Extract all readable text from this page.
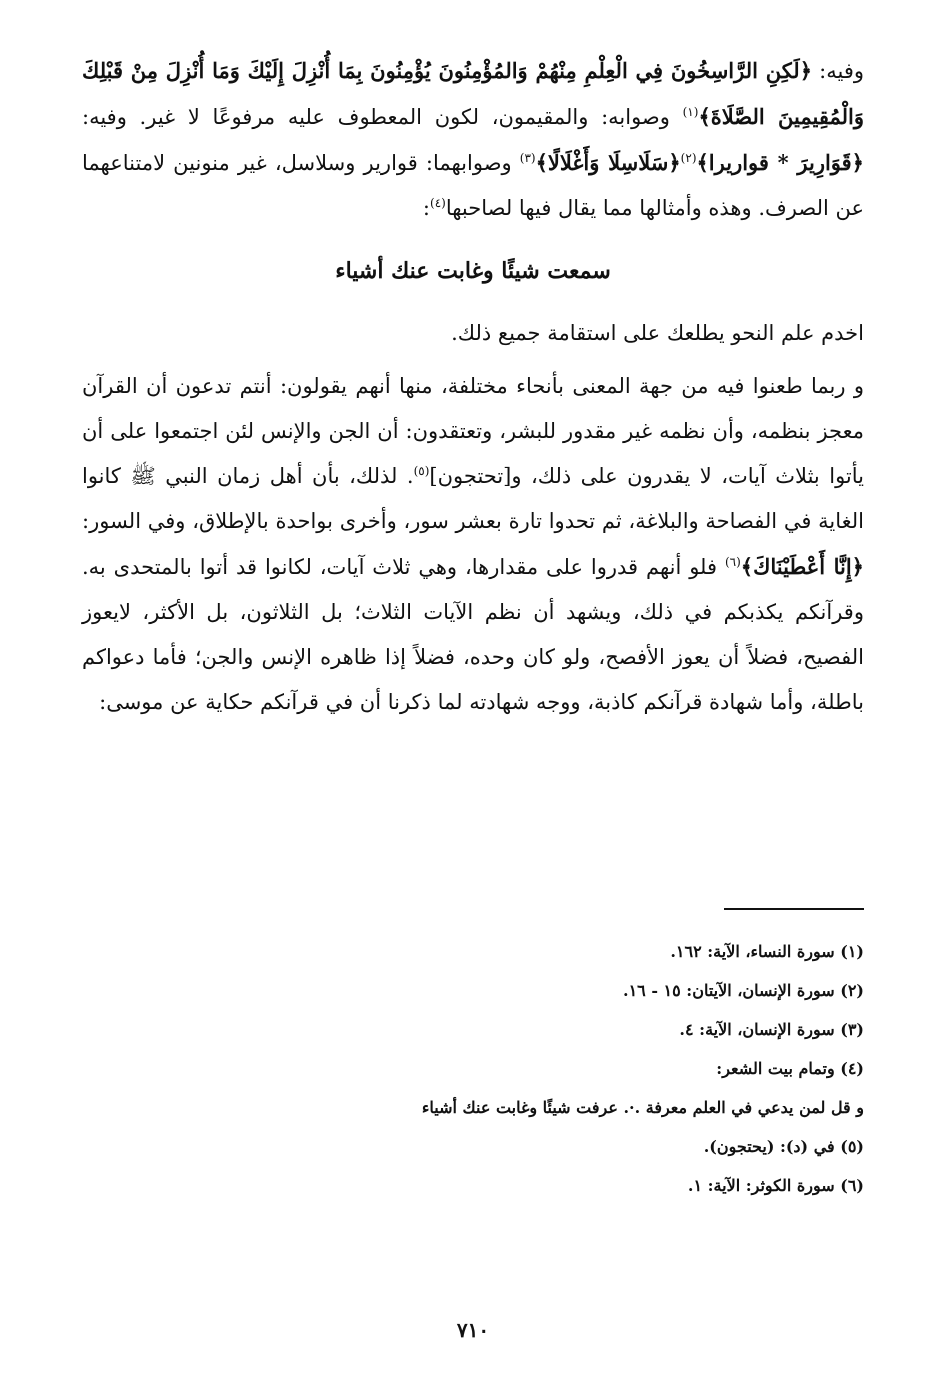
وفيه: ﴿لَكِنِ الرَّاسِخُونَ فِي الْعِلْمِ مِنْهُمْ وَالمُؤْمِنُونَ يُؤْمِنُونَ بِمَا أُنْزِلَ إِلَيْكَ وَمَا أُنْزِلَ مِنْ قَبْلِكَ وَالْمُقِيمِينَ الصَّلَاةَ﴾$^{(١)}$ وصوابه: والمقيمون، لكون المعطوف عليه مرفوعًا لا غير. وفيه: ﴿قَوَارِيرَ * قواريرا﴾$^{(٢)}$﴿سَلَاسِلَا وَأَغْلَالًا﴾$^{(٣)}$ وصوابهما: قوارير وسلاسل، غير منونين لامتناعهما عن الصرف. وهذه وأمثالها مما يقال فيها لصاحبها$^{(٤)}$:

سمعت شيئًا وغابت عنك أشياء

اخدم علم النحو يطلعك على استقامة جميع ذلك.

و ربما طعنوا فيه من جهة المعنى بأنحاء مختلفة، منها أنهم يقولون: أنتم تدعون أن القرآن معجز بنظمه، وأن نظمه غير مقدور للبشر، وتعتقدون: أن الجن والإنس لئن اجتمعوا على أن يأتوا بثلاث آيات، لا يقدرون على ذلك، و[تحتجون]$^{(٥)}$. لذلك، بأن أهل زمان النبي ﷺ كانوا الغاية في الفصاحة والبلاغة، ثم تحدوا تارة بعشر سور، وأخرى بواحدة بالإطلاق، وفي السور: ﴿إِنَّا أَعْطَيْنَاكَ﴾$^{(٦)}$ فلو أنهم قدروا على مقدارها، وهي ثلاث آيات، لكانوا قد أتوا بالمتحدى به. وقرآنكم يكذبكم في ذلك، ويشهد أن نظم الآيات الثلاث؛ بل الثلاثون، بل الأكثر، لايعوز الفصيح، فضلاً أن يعوز الأفصح، ولو كان وحده، فضلاً إذا ظاهره الإنس والجن؛ فأما دعواكم باطلة، وأما شهادة قرآنكم كاذبة، ووجه شهادته لما ذكرنا أن في قرآنكم حكاية عن موسى:

(١) سورة النساء، الآية: ١٦٢.

(٢) سورة الإنسان، الآيتان: ١٥ - ١٦.

(٣) سورة الإنسان، الآية: ٤.

(٤) وتمام بيت الشعر:

و قل لمن يدعي في العلم معرفة .·. عرفت شيئًا وغابت عنك أشياء

(٥) في (د): (يحتجون).

(٦) سورة الكوثر: الآية: ١.

٧١٠
